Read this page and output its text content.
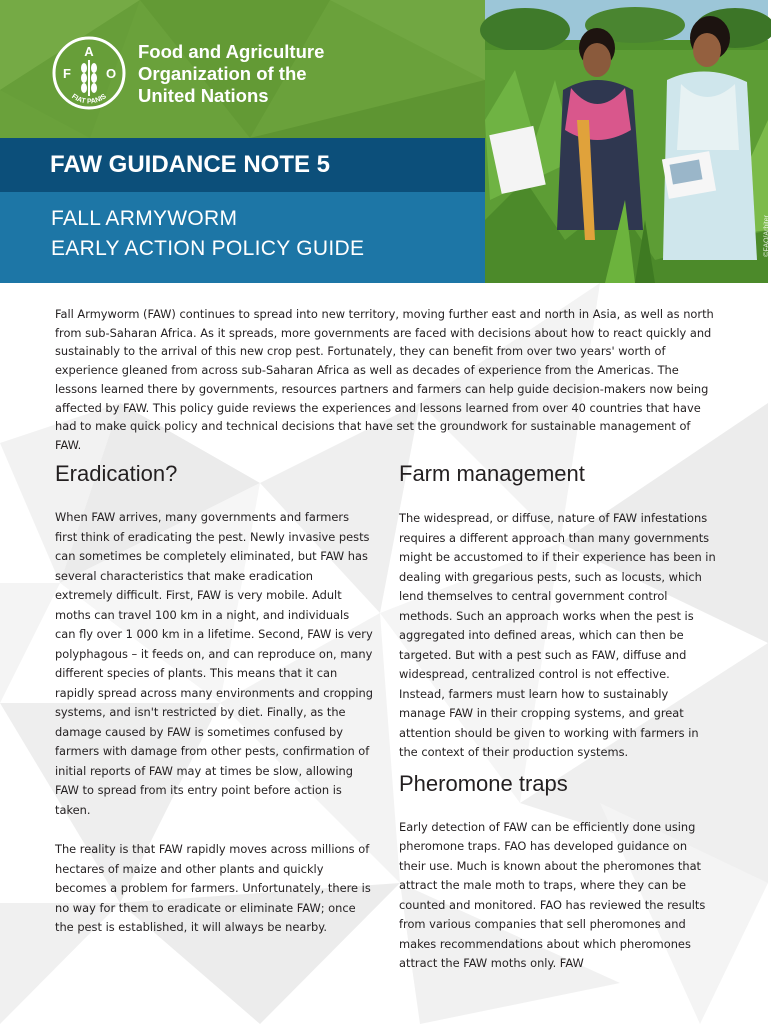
A
F	O
FIAT PANIS
Food and Agriculture
Organization of the
United Nations
FAW GUIDANCE NOTE 5
FALL ARMYWORM
EARLY ACTION POLICY GUIDE	©FAO/Arbiter

Fall Armyworm (FAW) continues to spread into new territory, moving further east and north in Asia, as well as north from sub-Saharan Africa. As it spreads, more governments are faced with decisions about how to react quickly and sustainably to the arrival of this new crop pest. Fortunately, they can benefit from over two years' worth of experience gleaned from across sub-Saharan Africa as well as decades of experience from the Americas. The lessons learned there by governments, resources partners and farmers can help guide decision-makers now being affected by FAW. This policy guide reviews the experiences and lessons learned from over 40 countries that have had to make quick policy and technical decisions that have set the groundwork for sustainable management of FAW.

Eradication?

When FAW arrives, many governments and farmers first think of eradicating the pest. Newly invasive pests can sometimes be completely eliminated, but FAW has several characteristics that make eradication extremely difficult. First, FAW is very mobile. Adult moths can travel 100 km in a night, and individuals can fly over 1 000 km in a lifetime. Second, FAW is very polyphagous – it feeds on, and can reproduce on, many different species of plants. This means that it can rapidly spread across many environments and cropping systems, and isn't restricted by diet. Finally, as the damage caused by FAW is sometimes confused by farmers with damage from other pests, confirmation of initial reports of FAW may at times be slow, allowing FAW to spread from its entry point before action is taken.

The reality is that FAW rapidly moves across millions of hectares of maize and other plants and quickly becomes a problem for farmers. Unfortunately, there is no way for them to eradicate or eliminate FAW; once the pest is established, it will always be nearby.

Farm management

The widespread, or diffuse, nature of FAW infestations requires a different approach than many governments might be accustomed to if their experience has been in dealing with gregarious pests, such as locusts, which lend themselves to central government control methods. Such an approach works when the pest is aggregated into defined areas, which can then be targeted. But with a pest such as FAW, diffuse and widespread, centralized control is not effective. Instead, farmers must learn how to sustainably manage FAW in their cropping systems, and great attention should be given to working with farmers in the context of their production systems.

Pheromone traps

Early detection of FAW can be efficiently done using pheromone traps. FAO has developed guidance on their use. Much is known about the pheromones that attract the male moth to traps, where they can be counted and monitored. FAO has reviewed the results from various companies that sell pheromones and makes recommendations about which pheromones attract the FAW moths only. FAW
